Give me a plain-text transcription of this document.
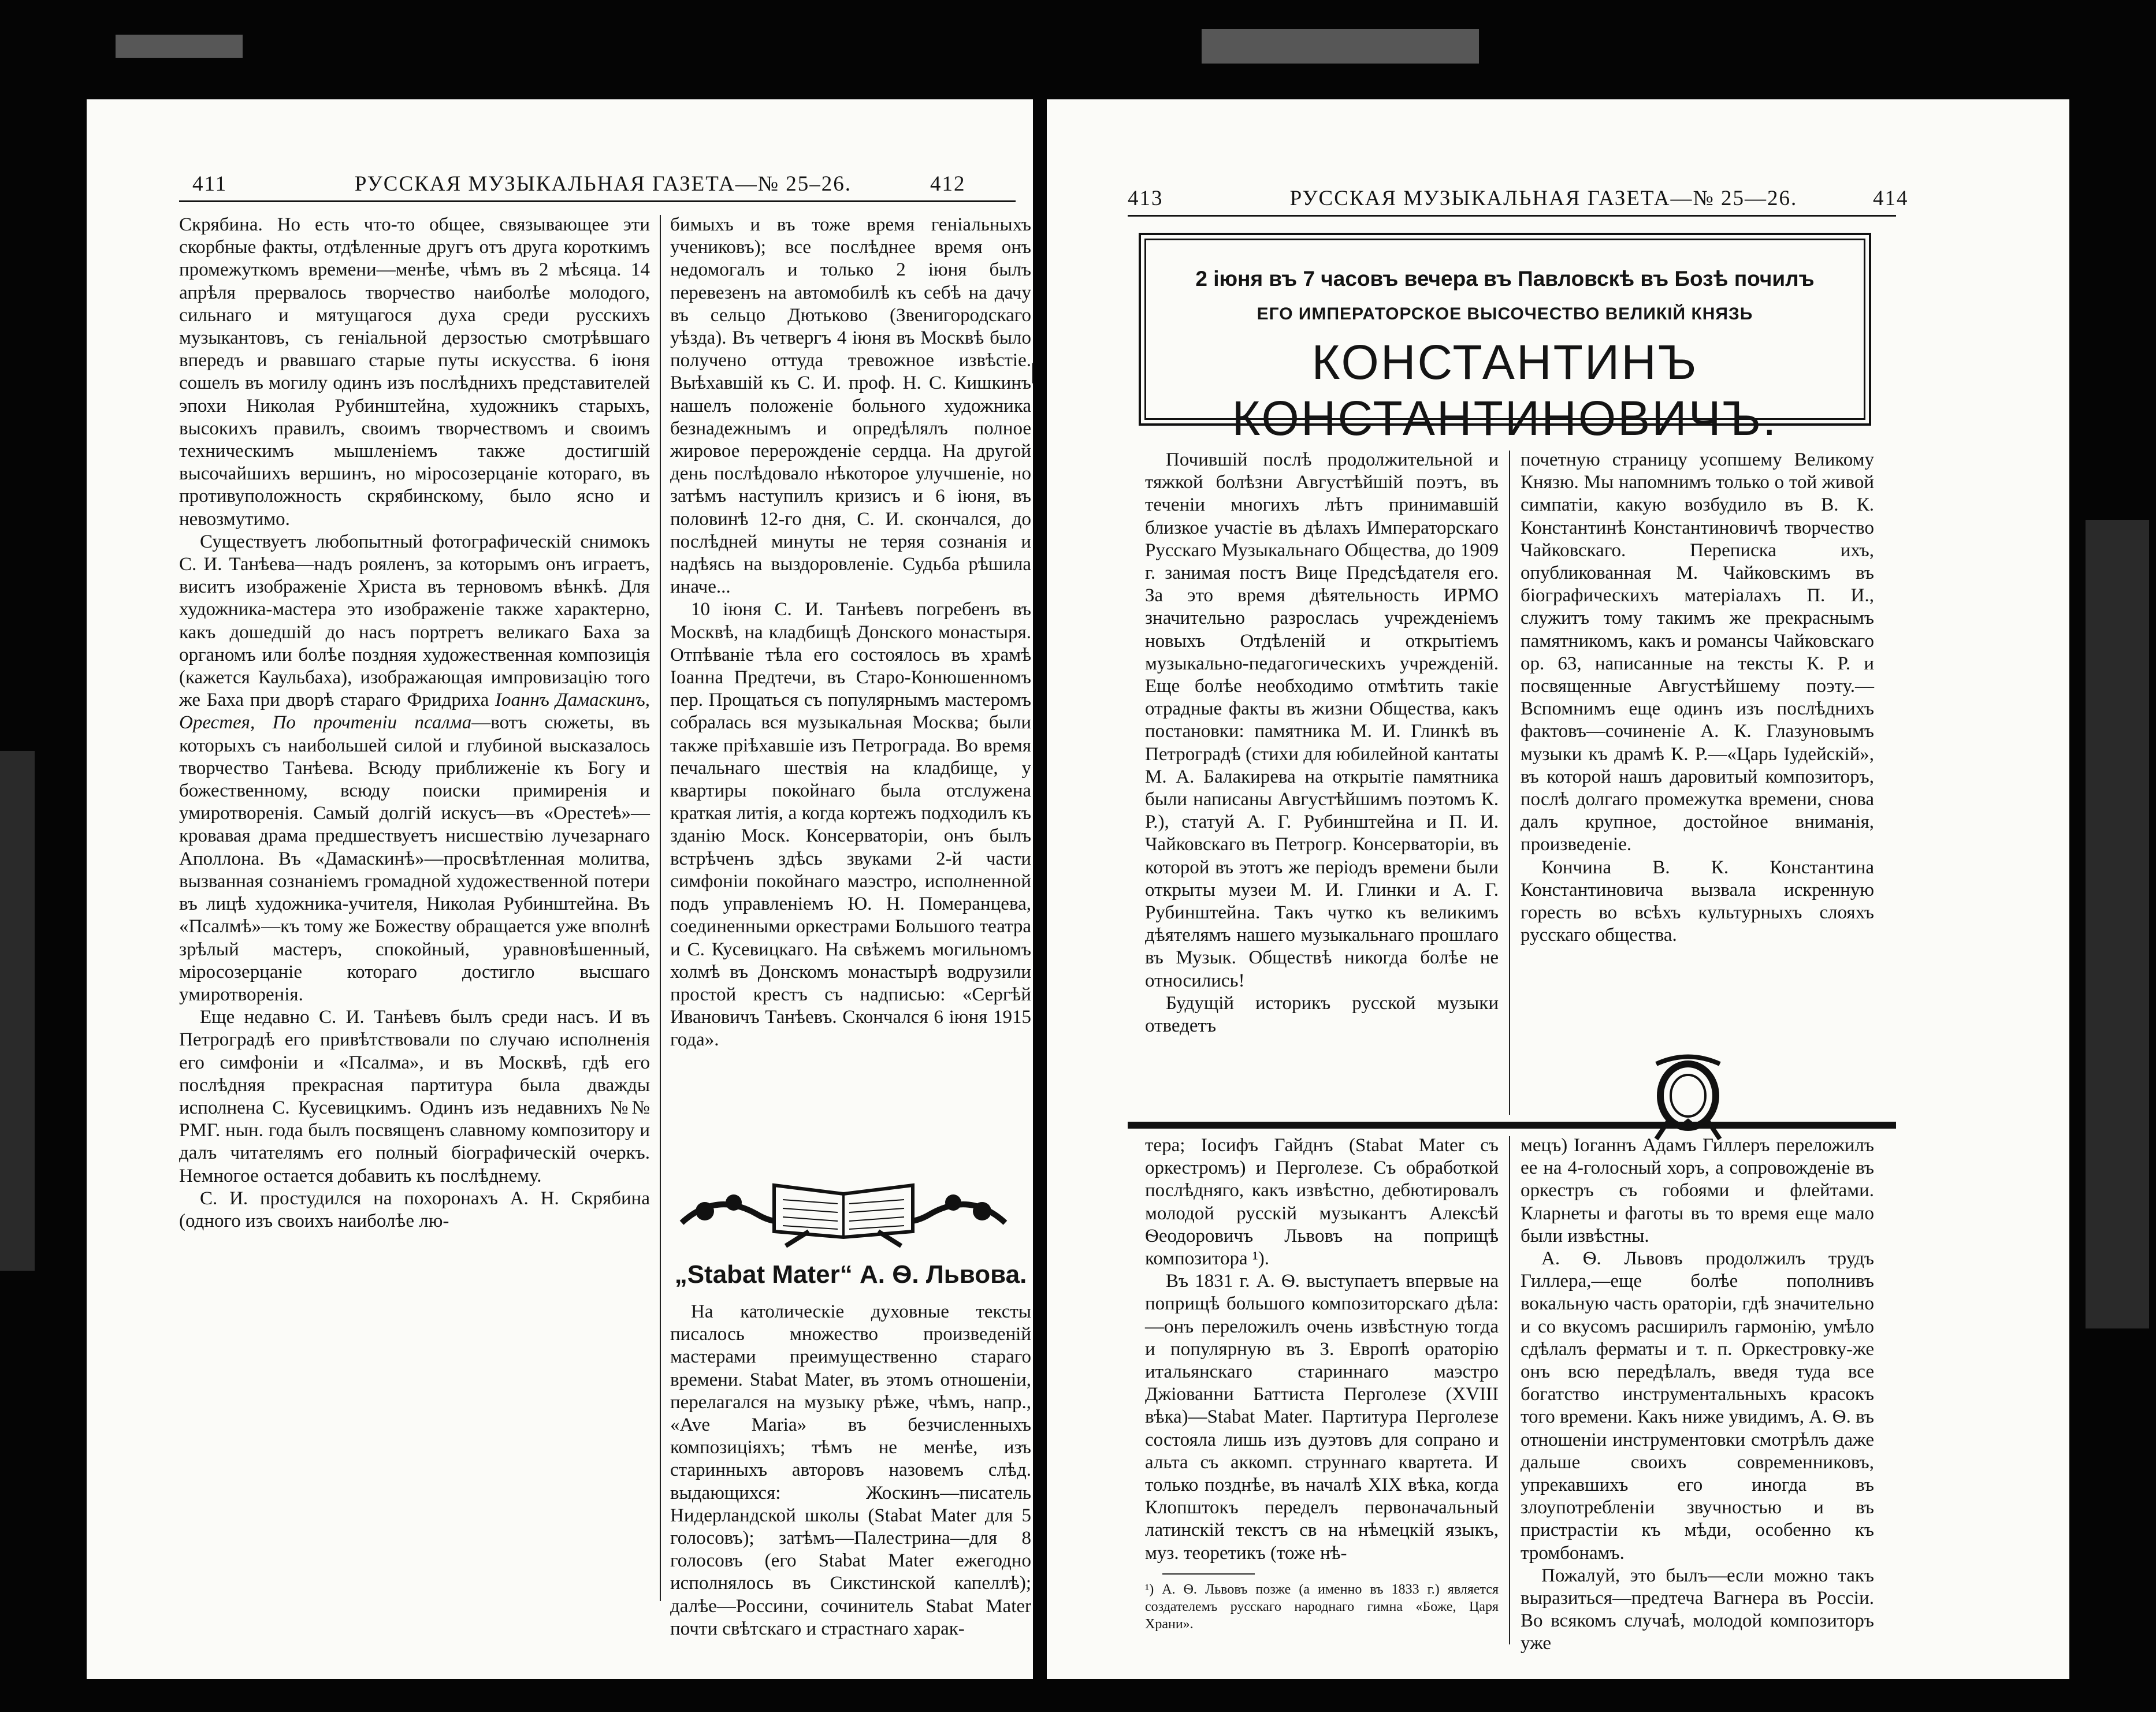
411	РУССКАЯ МУЗЫКАЛЬНАЯ ГАЗЕТА—№ 25–26.	412

Скрябина. Но есть что-то общее, связывающее эти скорбные факты, отдѣленные другъ отъ друга короткимъ промежуткомъ времени—менѣе, чѣмъ въ 2 мѣсяца. 14 апрѣля прервалось творчество наиболѣе молодого, сильнаго и мятущагося духа среди русскихъ музыкантовъ, съ геніальной дерзостью смотрѣвшаго впередъ и рвавшаго старые путы искусства. 6 іюня сошелъ въ могилу одинъ изъ послѣднихъ представителей эпохи Николая Рубинштейна, художникъ старыхъ, высокихъ правилъ, своимъ творчествомъ и своимъ техническимъ мышленіемъ также достигшій высочайшихъ вершинъ, но міросозерцаніе котораго, въ противуположность скрябинскому, было ясно и невозмутимо.

Существуетъ любопытный фотографическій снимокъ С. И. Танѣева—надъ рояленъ, за которымъ онъ играетъ, виситъ изображеніе Христа въ терновомъ вѣнкѣ. Для художника-мастера это изображеніе также характерно, какъ дошедшій до насъ портретъ великаго Баха за органомъ или болѣе поздняя художественная композиція (кажется Каульбаха), изображающая импровизацію того же Баха при дворѣ стараго Фридриха Іоаннъ Дамаскинъ, Орестея, По прочтеніи псалма—вотъ сюжеты, въ которыхъ съ наибольшей силой и глубиной высказалось творчество Танѣева. Всюду приближеніе къ Богу и божественному, всюду поиски примиренія и умиротворенія. Самый долгій искусъ—въ «Орестеѣ»—кровавая драма предшествуетъ нисшествію лучезарнаго Аполлона. Въ «Дамаскинѣ»—просвѣтленная молитва, вызванная сознаніемъ громадной художественной потери въ лицѣ художника-учителя, Николая Рубинштейна. Въ «Псалмѣ»—къ тому же Божеству обращается уже вполнѣ зрѣлый мастеръ, спокойный, уравновѣшенный, міросозерцаніе котораго достигло высшаго умиротворенія.

Еще недавно С. И. Танѣевъ былъ среди насъ. И въ Петроградѣ его привѣтствовали по случаю исполненія его симфоніи и «Псалма», и въ Москвѣ, гдѣ его послѣдняя прекрасная партитура была дважды исполнена С. Кусевицкимъ. Одинъ изъ недавнихъ №№ РМГ. нын. года былъ посвященъ славному композитору и далъ читателямъ его полный біографическій очеркъ. Немногое остается добавить къ послѣднему.

С. И. простудился на похоронахъ А. Н. Скрябина (одного изъ своихъ наиболѣе лю-

бимыхъ и въ тоже время геніальныхъ учениковъ); все послѣднее время онъ недомогалъ и только 2 іюня былъ перевезенъ на автомобилѣ къ себѣ на дачу въ сельцо Дютьково (Звенигородскаго уѣзда). Въ четвергъ 4 іюня въ Москвѣ было получено оттуда тревожное извѣстіе. Выѣхавшій къ С. И. проф. Н. С. Кишкинъ нашелъ положеніе больного художника безнадежнымъ и опредѣлялъ полное жировое перерожденіе сердца. На другой день послѣдовало нѣкоторое улучшеніе, но затѣмъ наступилъ кризисъ и 6 іюня, въ половинѣ 12-го дня, С. И. скончался, до послѣдней минуты не теряя сознанія и надѣясь на выздоровленіе. Судьба рѣшила иначе...

10 іюня С. И. Танѣевъ погребенъ въ Москвѣ, на кладбищѣ Донского монастыря. Отпѣваніе тѣла его состоялось въ храмѣ Іоанна Предтечи, въ Старо-Конюшенномъ пер. Прощаться съ популярнымъ мастеромъ собралась вся музыкальная Москва; были также пріѣхавшіе изъ Петрограда. Во время печальнаго шествія на кладбище, у квартиры покойнаго была отслужена краткая литія, а когда кортежъ подходилъ къ зданію Моск. Консерваторіи, онъ былъ встрѣченъ здѣсь звуками 2-й части симфоніи покойнаго маэстро, исполненной подъ управленіемъ Ю. Н. Померанцева, соединенными оркестрами Большого театра и С. Кусевицкаго. На свѣжемъ могильномъ холмѣ въ Донскомъ монастырѣ водрузили простой крестъ съ надписью: «Сергѣй Ивановичъ Танѣевъ. Скончался 6 іюня 1915 года».

„Stabat Mater“ А. Ѳ. Львова.

На католическіе духовные тексты писалось множество произведеній мастерами преимущественно стараго времени. Stabat Mater, въ этомъ отношеніи, перелагался на музыку рѣже, чѣмъ, напр., «Ave Maria» въ безчисленныхъ композиціяхъ; тѣмъ не менѣе, изъ старинныхъ авторовъ назовемъ слѣд. выдающихся: Жоскинъ—писатель Нидерландской школы (Stabat Mater для 5 голосовъ); затѣмъ—Палестрина—для 8 голосовъ (его Stabat Mater ежегодно исполнялось въ Сикстинской капеллѣ); далѣе—Россини, сочинитель Stabat Mater почти свѣтскаго и страстнаго харак-

413	РУССКАЯ МУЗЫКАЛЬНАЯ ГАЗЕТА—№ 25—26.	414
2 іюня въ 7 часовъ вечера въ Павловскѣ въ Бозѣ почилъ
ЕГО ИМПЕРАТОРСКОЕ ВЫСОЧЕСТВО ВЕЛИКІЙ КНЯЗЬ
КОНСТАНТИНЪ КОНСТАНТИНОВИЧЪ.

Почившій послѣ продолжительной и тяжкой болѣзни Августѣйшій поэтъ, въ теченіи многихъ лѣтъ принимавшій близкое участіе въ дѣлахъ Императорскаго Русскаго Музыкальнаго Общества, до 1909 г. занимая постъ Вице Предсѣдателя его. За это время дѣятельность ИРМО значительно разрослась учрежденіемъ новыхъ Отдѣленій и открытіемъ музыкально-педагогическихъ учрежденій. Еще болѣе необходимо отмѣтить такіе отрадные факты въ жизни Общества, какъ постановки: памятника М. И. Глинкѣ въ Петроградѣ (стихи для юбилейной кантаты М. А. Балакирева на открытіе памятника были написаны Августѣйшимъ поэтомъ К. Р.), статуй А. Г. Рубинштейна и П. И. Чайковскаго въ Петрогр. Консерваторіи, въ которой въ этотъ же періодъ времени были открыты музеи М. И. Глинки и А. Г. Рубинштейна. Такъ чутко къ великимъ дѣятелямъ нашего музыкальнаго прошлаго въ Музык. Обществѣ никогда болѣе не относились!

Будущій историкъ русской музыки отведетъ

почетную страницу усопшему Великому Князю. Мы напомнимъ только о той живой симпатіи, какую возбудило въ В. К. Константинѣ Константиновичѣ творчество Чайковскаго. Переписка ихъ, опубликованная М. Чайковскимъ въ біографическихъ матеріалахъ П. И., служитъ тому такимъ же прекраснымъ памятникомъ, какъ и романсы Чайковскаго ор. 63, написанные на тексты К. Р. и посвященные Августѣйшему поэту.—Вспомнимъ еще одинъ изъ послѣднихъ фактовъ—сочиненіе А. К. Глазуновымъ музыки къ драмѣ К. Р.—«Царь Іудейскій», въ которой нашъ даровитый композиторъ, послѣ долгаго промежутка времени, снова далъ крупное, достойное вниманія, произведеніе.

Кончина В. К. Константина Константиновича вызвала искренную горесть во всѣхъ культурныхъ слояхъ русскаго общества.

тера; Іосифъ Гайднъ (Stabat Mater съ оркестромъ) и Перголезе. Съ обработкой послѣдняго, какъ извѣстно, дебютировалъ молодой русскій музыкантъ Алексѣй Ѳеодоровичъ Львовъ на поприщѣ композитора ¹).

Въ 1831 г. А. Ѳ. выступаетъ впервые на поприщѣ большого композиторскаго дѣла:—онъ переложилъ очень извѣстную тогда и популярную въ З. Европѣ ораторію итальянскаго стариннаго маэстро Джіованни Баттиста Перголезе (XVIII вѣка)—Stabat Mater. Партитура Перголезе состояла лишь изъ дуэтовъ для сопрано и альта съ аккомп. струннаго квартета. И только позднѣе, въ началѣ XIX вѣка, когда Клопштокъ переделъ первоначальный латинскій текстъ св на нѣмецкій языкъ, муз. теоретикъ (тоже нѣ-

¹) А. Ѳ. Львовъ позже (а именно въ 1833 г.) является создателемъ русскаго народнаго гимна «Боже, Царя Храни».

мецъ) Іоганнъ Адамъ Гиллеръ переложилъ ее на 4-голосный хоръ, а сопровожденіе въ оркестръ съ гобоями и флейтами. Кларнеты и фаготы въ то время еще мало были извѣстны.

А. Ѳ. Львовъ продолжилъ трудъ Гиллера,—еще болѣе пополнивъ вокальную часть ораторіи, гдѣ значительно и со вкусомъ расширилъ гармонію, умѣло сдѣлалъ ферматы и т. п. Оркестровку-же онъ всю передѣлалъ, введя туда все богатство инструментальныхъ красокъ того времени. Какъ ниже увидимъ, А. Ѳ. въ отношеніи инструментовки смотрѣлъ даже дальше своихъ современниковъ, упрекавшихъ его иногда въ злоупотребленіи звучностью и въ пристрастіи къ мѣди, особенно къ тромбонамъ.

Пожалуй, это былъ—если можно такъ выразиться—предтеча Вагнера въ Россіи. Во всякомъ случаѣ, молодой композиторъ уже
